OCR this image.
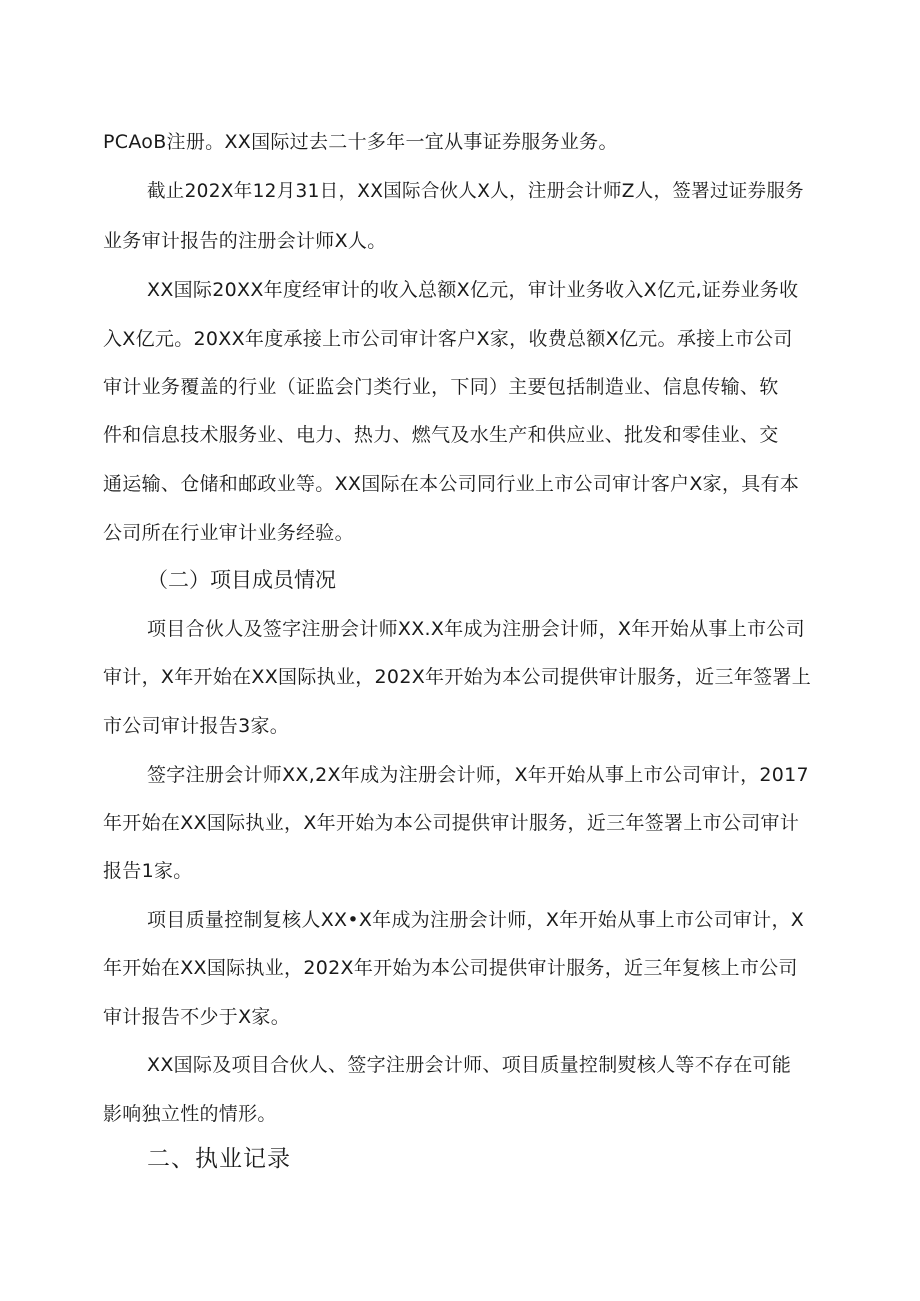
PCAoB注册。XX国际过去二十多年一宜从事证券服务业务。
截止202X年12月31日，XX国际合伙人X人，注册会计师Z人，签署过证券服务
业务审计报告的注册会计师X人。
XX国际20XX年度经审计的收入总额X亿元，审计业务收入X亿元,证券业务收
入X亿元。20XX年度承接上市公司审计客户X家，收费总额X亿元。承接上市公司
审计业务覆盖的行业（证监会门类行业，下同）主要包括制造业、信息传输、软
件和信息技术服务业、电力、热力、燃气及水生产和供应业、批发和零佳业、交
通运输、仓储和邮政业等。XX国际在本公司同行业上市公司审计客户X家，具有本
公司所在行业审计业务经验。
（二）项目成员情况
项目合伙人及签字注册会计师XX.X年成为注册会计师，X年开始从事上市公司
审计，X年开始在XX国际执业，202X年开始为本公司提供审计服务，近三年签署上
市公司审计报告3家。
签字注册会计师XX,2X年成为注册会计师，X年开始从事上市公司审计，2017
年开始在XX国际执业，X年开始为本公司提供审计服务，近三年签署上市公司审计
报告1家。
项目质量控制复核人XX•X年成为注册会计师，X年开始从事上市公司审计，X
年开始在XX国际执业，202X年开始为本公司提供审计服务，近三年复核上市公司
审计报告不少于X家。
XX国际及项目合伙人、签字注册会计师、项目质量控制熨核人等不存在可能
影响独立性的情形。
二、执业记录
